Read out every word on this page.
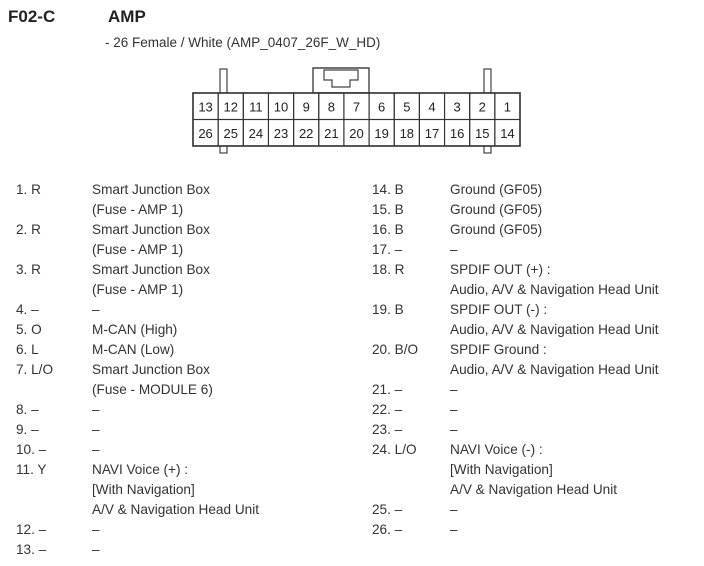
F02-C	AMP
- 26 Female / White (AMP_0407_26F_W_HD)
13 12 11 10 9 8 7 6 5 4 3 2 1
26 25 24 23 22 21 20 19 18 17 16 15 14
1. R	Smart Junction Box
(Fuse - AMP 1)
2. R	Smart Junction Box
(Fuse - AMP 1)
3. R	Smart Junction Box
(Fuse - AMP 1)
4. –	–
5. O	M-CAN (High)
6. L	M-CAN (Low)
7. L/O	Smart Junction Box
(Fuse - MODULE 6)
8. –	–
9. –	–
10. –	–
11. Y	NAVI Voice (+) :
[With Navigation]
A/V & Navigation Head Unit
12. –	–
13. –	–
14. B	Ground (GF05)
15. B	Ground (GF05)
16. B	Ground (GF05)
17. –	–
18. R	SPDIF OUT (+) :
Audio, A/V & Navigation Head Unit
19. B	SPDIF OUT (-) :
Audio, A/V & Navigation Head Unit
20. B/O SPDIF Ground :
Audio, A/V & Navigation Head Unit
21. –	–
22. –	–
23. –	–
24. L/O NAVI Voice (-) :
[With Navigation]
A/V & Navigation Head Unit
25. –	–
26. –	–
